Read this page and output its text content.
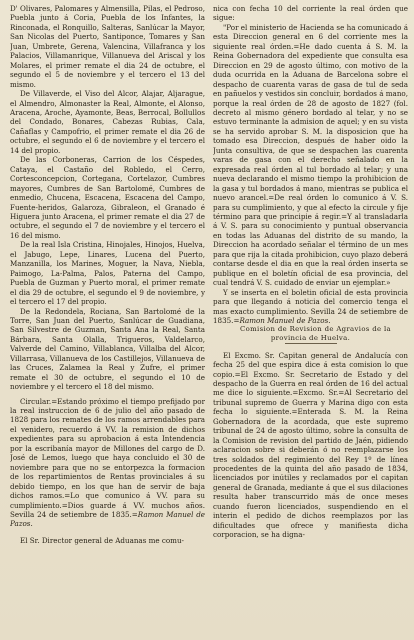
D' Olivares, Palomares y Almensilla, Pilas, el Pedroso, Puebla junto á Coria, Puebla de los Infantes, la Rinconada, el Ronquillo, Salteras, Sanlúcar la Mayor, San Nicolas del Puerto, Santiponce, Tomares y San Juan, Umbrete, Gerena, Valencina, Villafranca y los Palacios, Villamanrique, Villanueva del Ariscal y los Molares, el primer remate el dia 24 de octubre, el segundo el 5 de noviembre y el tercero el 13 del mismo.

De Villaverde, el Viso del Alcor, Alajar, Aljarague, el Almendro, Almonaster la Real, Almonte, el Alonso, Aracena, Aroche, Ayamonte, Beas, Berrocal, Bollullos del Condado, Bonares, Cabezas Rubias, Cala, Cañaflas y Campofrio, el primer remate el dia 26 de octubre, el segundo el 6 de noviembre y el tercero el 14 del propio.

De las Corboneras, Carrion de los Céspedes, Cataya, el Castaño del Robledo, el Cerro, Cortesconcepcion, Cortegana, Cortelazor, Cumbres mayores, Cumbres de San Bartolomé, Cumbres de enmedio, Chucena, Escacena, Escacena del Campo, Fuente-heridos, Galaroza, Gibraleon, el Granado é Higuera junto Aracena, el primer remate el dia 27 de octubre, el segundo el 7 de noviembre y el tercero el 16 del mismo.

De la real Isla Cristina, Hinojales, Hinojos, Huelva, el Jabugo, Lepe, Linares, Lucena del Puerto, Manzanilla, los Marines, Moguer, la Nava, Niebla, Paimogo, La-Palma, Palos, Paterna del Campo, Puebla de Guzman y Puerto moral, el primer remate el dia 29 de octubre, el segundo el 9 de noviembre, y el tercero el 17 del propio.

De la Redondela, Rociana, San Bartolomé de la Torre, San Juan del Puerto, Sanlúcar de Guadiana, San Silvestre de Guzman, Santa Ana la Real, Santa Bárbara, Santa Olalla, Trigueros, Valdelarco, Valverde del Camino, Villablanca, Villalba del Alcor, Villarrasa, Villanueva de los Castillejos, Villanueva de las Cruces, Zalamea la Real y Zufre, el primer remate el 30 de octubre, el segundo el 10 de noviembre y el tercero el 18 del mismo.

Circular.=Estando próximo el tiempo prefijado por la real instruccion de 6 de julio del año pasado de 1828 para los remates de los ramos arrendables para el venidero, recuerdo á VV. la remision de dichos expedientes para su aprobacion á esta Intendencia por la escribanía mayor de Millones del cargo de D. José de Lemos, luego que haya concluido el 30 de noviembre para que no se entorpezca la formacion de los repartimientos de Rentas provinciales á su debido tiempo, en los que han de servir de baja dichos ramos.=Lo que comunico á VV. para su cumplimiento.=Dios guarde á VV. muchos años. Sevilla 24 de setiembre de 1835.=Ramon Manuel de Pazos.

El Sr. Director general de Aduanas me comu-

nica con fecha 10 del corriente la real órden que sigue:

"Por el ministerio de Hacienda se ha comunicado á esta Direccion general en 6 del corriente mes la siguiente real órden.=He dado cuenta á S. M. la Reina Gobernadora del expediente que consulta esa Direccion en 29 de agosto último, con motivo de la duda ocurrida en la Aduana de Barcelona sobre el despacho de cuarenta varas de gasa de tul de seda en pañuelos y vestidos sin concluir, bordados á mano, porque la real órden de 28 de agosto de 1827 (fol. decreto al mismo género bordado al telar, y no se estuvo terminante la admision de aquel; y en su vista se ha servido aprobar S. M. la disposicion que ha tomado esa Direccion, después de haber oido la Junta consultiva, de que se despachen las cuarenta varas de gasa con el derecho señalado en la expresada real órden al tul bordado al telar; y una nueva declarando el mismo tiempo la prohibicion de la gasa y tul bordados á mano, mientras se publica el nuevo arancel.=De real órden lo comunico á V. S. para su cumplimiento, y que al efecto la circule y fije término para que principie á regir.=Y al transladarla á V. S. para su conocimiento y puntual observancia en todas las Aduanas del distrito de su mando, la Direccion ha acordado señalar el término de un mes para que rija la citada prohibicion, cuyo plazo deberá contarse desde el dia en que la real órden inserta se publique en el boletín oficial de esa provincia, del cual tendrá V. S. cuidado de enviar un ejemplar.»

Y se inserta en el boletin oficial de esta provincia para que llegando á noticia del comercio tenga el mas exacto cumplimiento. Sevilla 24 de setiembre de 1835.=Ramon Manuel de Pazos.

Comision de Revision de Agravios de la provincia de Huelva.

El Excmo. Sr. Capitan general de Andalucía con fecha 25 del que espira dice á esta comision lo que copio.=El Excmo. Sr. Secretario de Estado y del despacho de la Guerra en real órden de 16 del actual me dice lo siguiente.=Excmo. Sr.=Al Secretario del tribunal supremo de Guerra y Marina digo con esta fecha lo siguiente.=Enterada S. M. la Reina Gobernadora de la acordada, que este supremo tribunal de 24 de agosto último, sobre la consulta de la Comision de revision del partido de Jaén, pidiendo aclaracion sobre si deberán ó no reemplazarse los tres soldados del regimiento del Rey 1º de línea procedentes de la quinta del año pasado de 1834, licenciados por inútiles y reclamados por el capitan general de Granada, mediante á que el sus dilaciones resulta haber transcurrido más de once meses cuando fueron licenciados, suspendiendo en el interin el pedido de dichos reemplazos por las dificultades que ofrece y manifiesta dicha corporacion, se ha digna-
